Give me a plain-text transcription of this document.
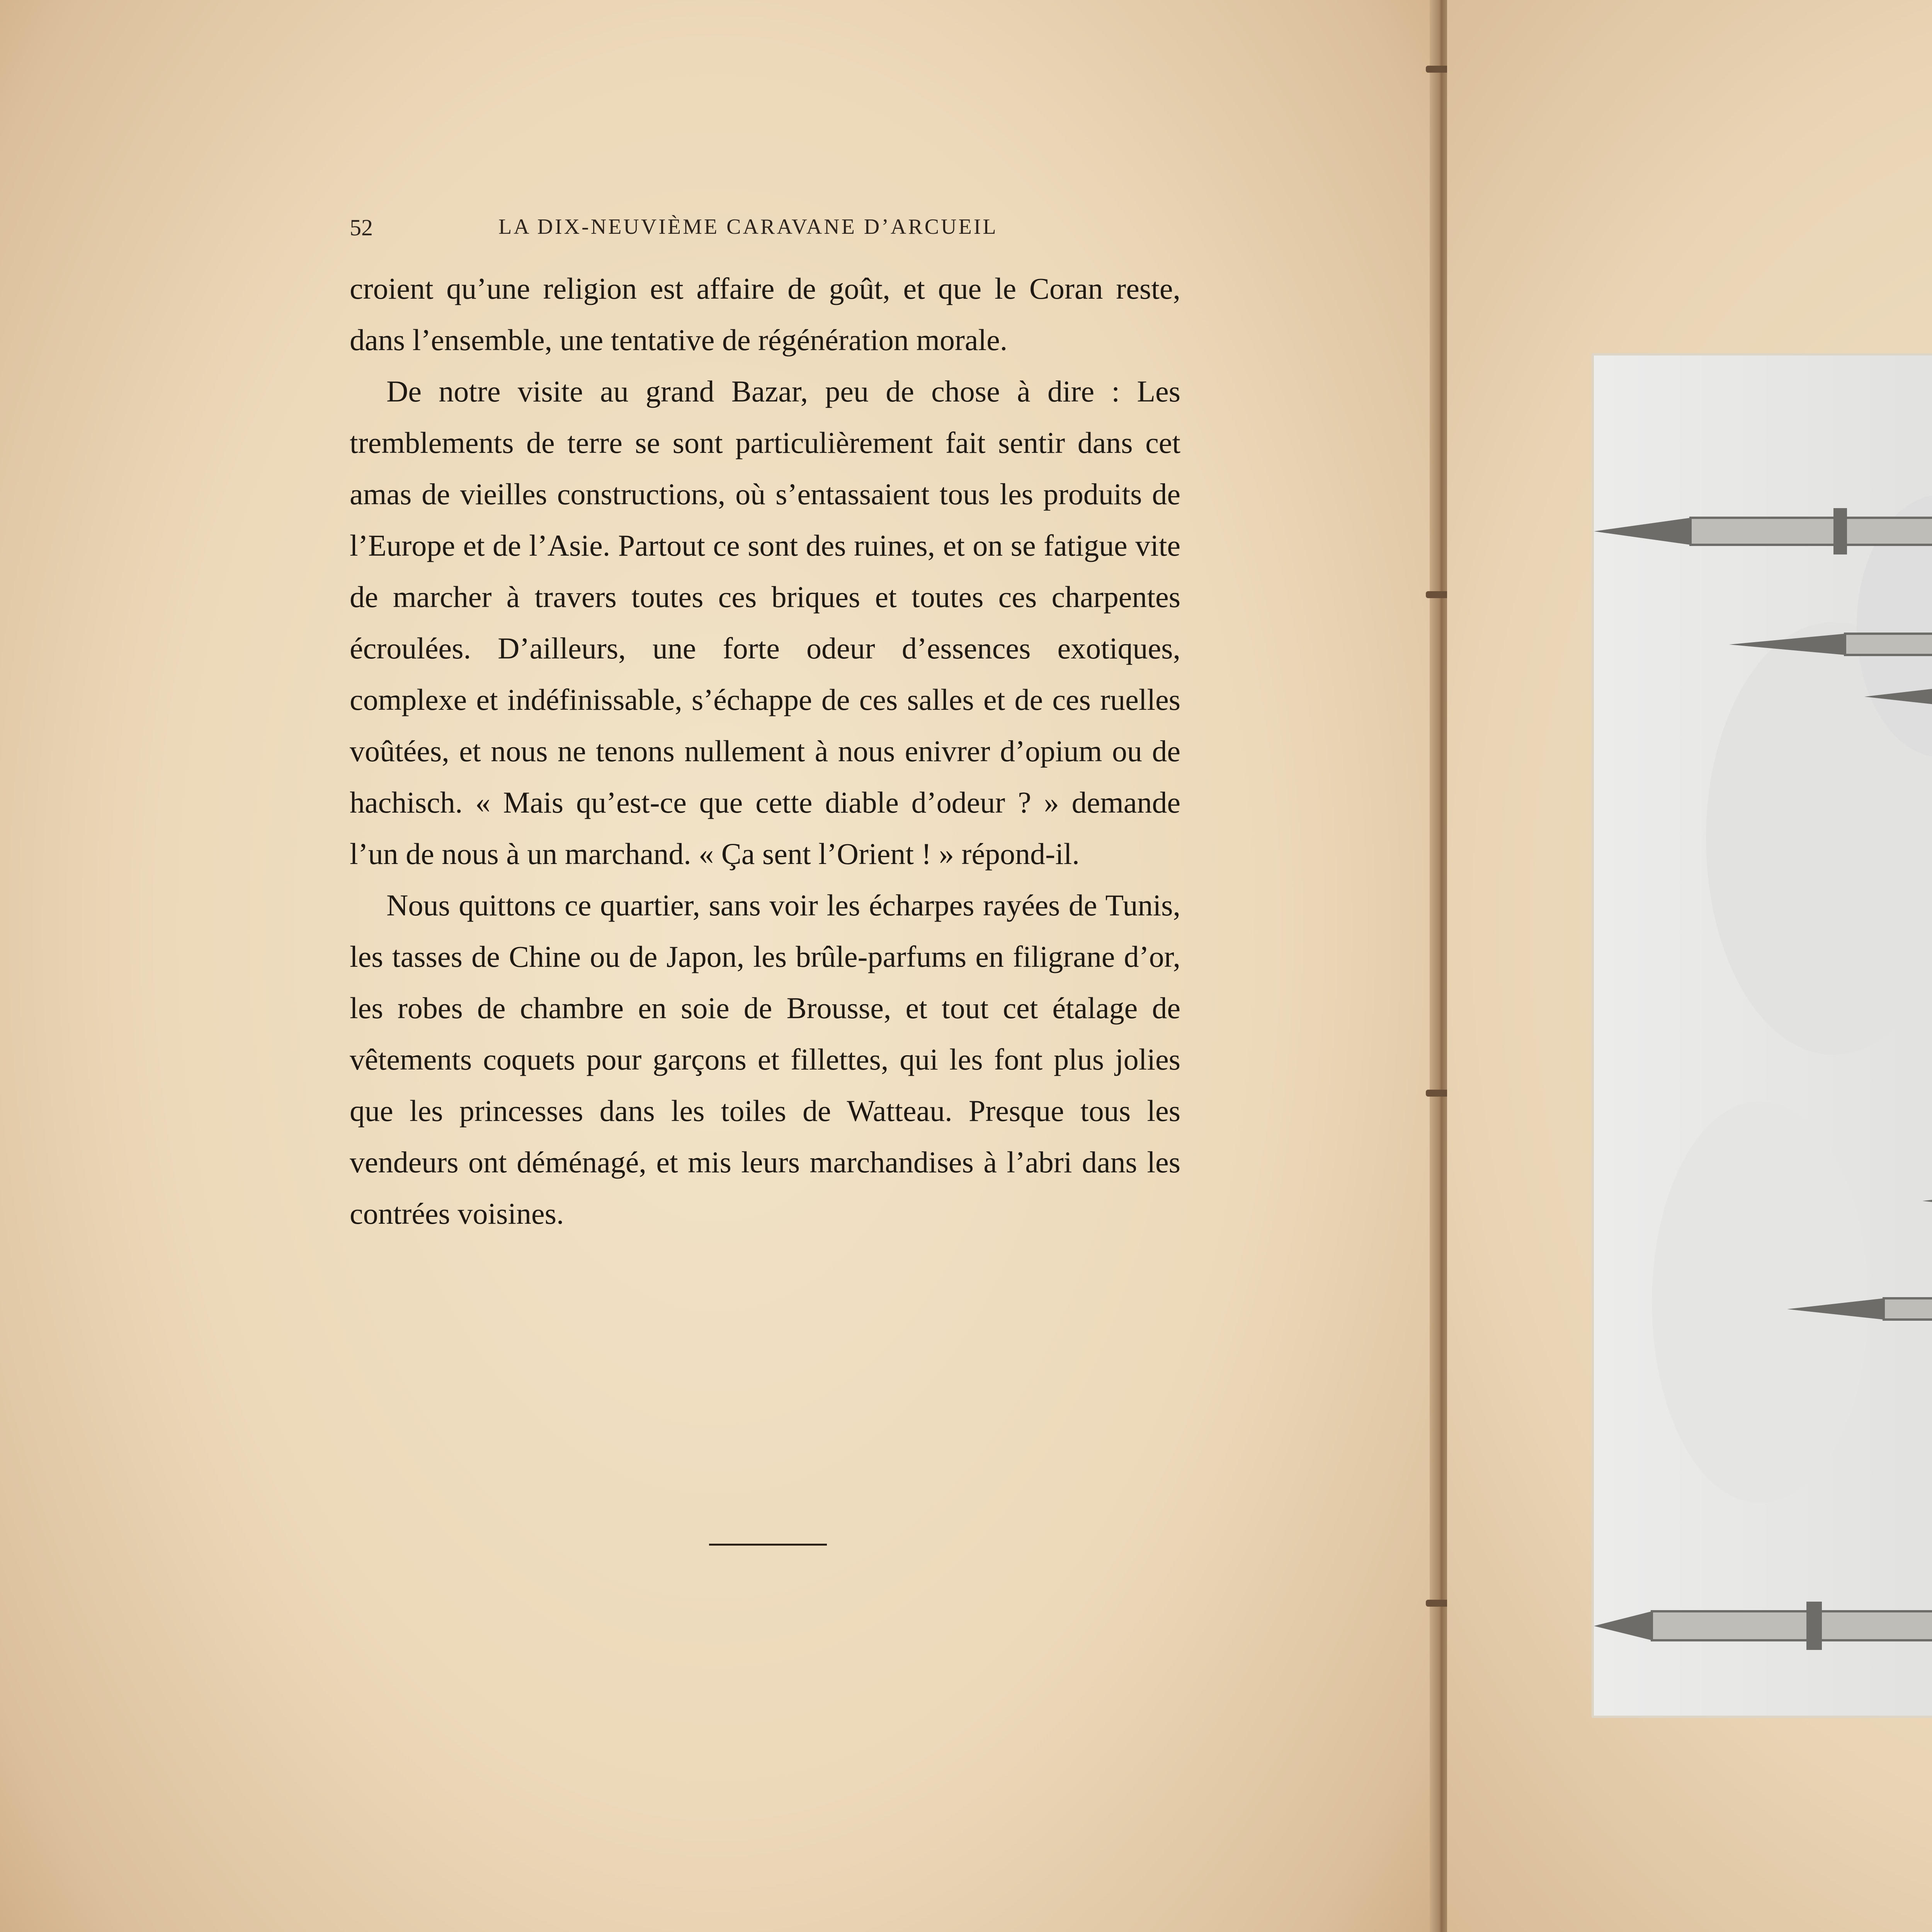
52	LA DIX-NEUVIÈME CARAVANE D’ARCUEIL

croient qu’une religion est affaire de goût, et que le Coran reste, dans l’ensemble, une tentative de régénération morale.

De notre visite au grand Bazar, peu de chose à dire : Les tremblements de terre se sont particulièrement fait sentir dans cet amas de vieilles constructions, où s’entassaient tous les produits de l’Europe et de l’Asie. Partout ce sont des ruines, et on se fatigue vite de marcher à travers toutes ces briques et toutes ces charpentes écroulées. D’ailleurs, une forte odeur d’essences exotiques, complexe et indéfinissable, s’échappe de ces salles et de ces ruelles voûtées, et nous ne tenons nullement à nous enivrer d’opium ou de hachisch. « Mais qu’est-ce que cette diable d’odeur ? » demande l’un de nous à un marchand. « Ça sent l’Orient ! » répond-il.

Nous quittons ce quartier, sans voir les écharpes rayées de Tunis, les tasses de Chine ou de Japon, les brûle-parfums en filigrane d’or, les robes de chambre en soie de Brousse, et tout cet étalage de vêtements coquets pour garçons et fillettes, qui les font plus jolies que les princesses dans les toiles de Watteau. Presque tous les vendeurs ont déménagé, et mis leurs marchandises à l’abri dans les contrées voisines.
